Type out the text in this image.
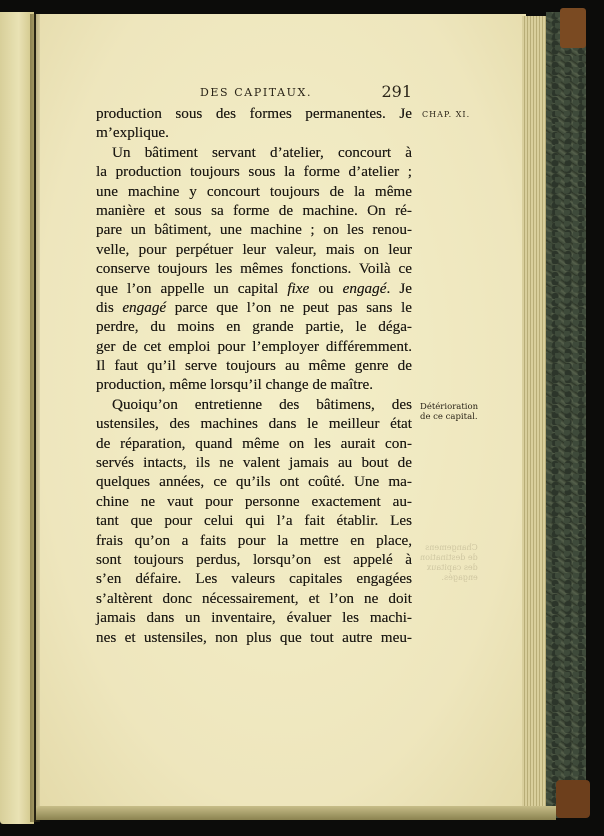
DES CAPITAUX.	291
CHAP. XI.
Détérioration
de ce capital.
Changemens
de destination
des capitaux
engagés.
production sous des formes permanentes. Je
m’explique.
Un bâtiment servant d’atelier, concourt à
la production toujours sous la forme d’atelier ;
une machine y concourt toujours de la même
manière et sous sa forme de machine. On ré-
pare un bâtiment, une machine ; on les renou-
velle, pour perpétuer leur valeur, mais on leur
conserve toujours les mêmes fonctions. Voilà ce
que l’on appelle un capital fixe ou engagé. Je
dis engagé parce que l’on ne peut pas sans le
perdre, du moins en grande partie, le déga-
ger de cet emploi pour l’employer différemment.
Il faut qu’il serve toujours au même genre de
production, même lorsqu’il change de maître.
Quoiqu’on entretienne des bâtimens, des
ustensiles, des machines dans le meilleur état
de réparation, quand même on les aurait con-
servés intacts, ils ne valent jamais au bout de
quelques années, ce qu’ils ont coûté. Une ma-
chine ne vaut pour personne exactement au-
tant que pour celui qui l’a fait établir. Les
frais qu’on a faits pour la mettre en place,
sont toujours perdus, lorsqu’on est appelé à
s’en défaire. Les valeurs capitales engagées
s’altèrent donc nécessairement, et l’on ne doit
jamais dans un inventaire, évaluer les machi-
nes et ustensiles, non plus que tout autre meu-
